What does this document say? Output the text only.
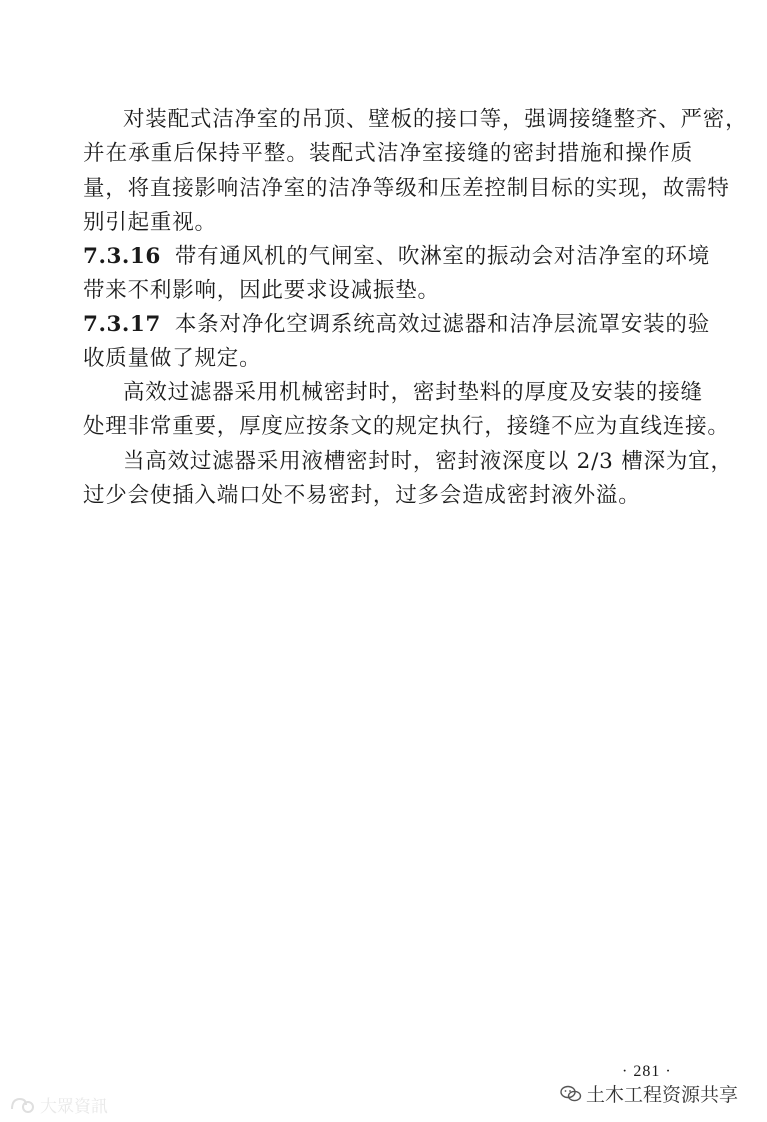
对装配式洁净室的吊顶、壁板的接口等，强调接缝整齐、严密，
并在承重后保持平整。装配式洁净室接缝的密封措施和操作质
量，将直接影响洁净室的洁净等级和压差控制目标的实现，故需特
别引起重视。
7.3.16 带有通风机的气闸室、吹淋室的振动会对洁净室的环境
带来不利影响，因此要求设减振垫。
7.3.17 本条对净化空调系统高效过滤器和洁净层流罩安装的验
收质量做了规定。
高效过滤器采用机械密封时，密封垫料的厚度及安装的接缝
处理非常重要，厚度应按条文的规定执行，接缝不应为直线连接。
当高效过滤器采用液槽密封时，密封液深度以 2/3 槽深为宜，
过少会使插入端口处不易密封，过多会造成密封液外溢。
· 281 ·
土木工程资源共享
大眾資訊
